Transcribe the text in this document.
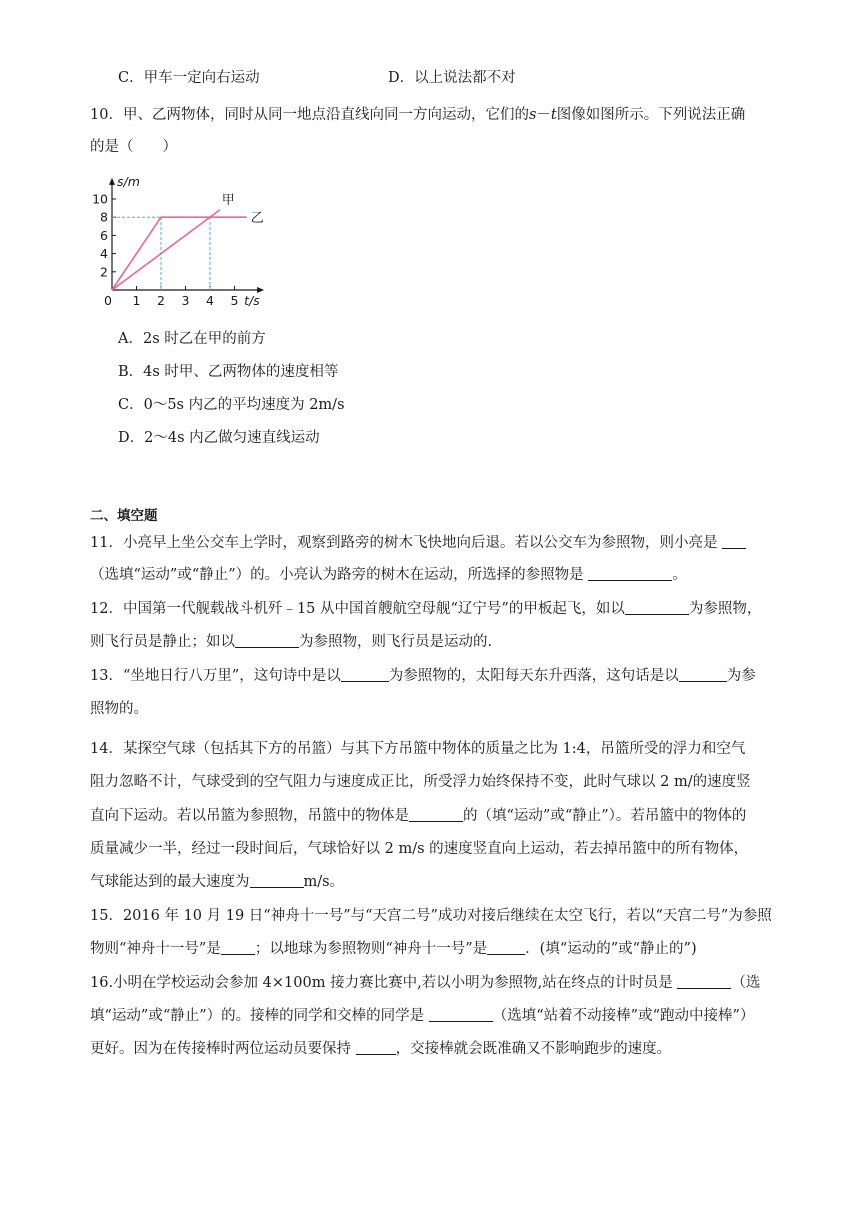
C．甲车一定向右运动	D．以上说法都不对
10．甲、乙两物体，同时从同一地点沿直线向同一方向运动，它们的s－t图像如图所示。下列说法正确
的是（　　）
2
4
6
8
10
0 1 2 3 4 5
s/m
t/s
甲
乙
A．2s 时乙在甲的前方
B．4s 时甲、乙两物体的速度相等
C．0～5s 内乙的平均速度为 2m/s
D．2～4s 内乙做匀速直线运动
二、填空题
11．小亮早上坐公交车上学时，观察到路旁的树木飞快地向后退。若以公交车为参照物，则小亮是
（选填“运动”或“静止”）的。小亮认为路旁的树木在运动，所选择的参照物是	。
12．中国第一代舰载战斗机歼﹣15 从中国首艘航空母舰“辽宁号”的甲板起飞，如以	为参照物，
则飞行员是静止；如以	为参照物，则飞行员是运动的.
13．“坐地日行八万里”，这句诗中是以	为参照物的，太阳每天东升西落，这句话是以	为参
照物的。
14．某探空气球（包括其下方的吊篮）与其下方吊篮中物体的质量之比为 1:4，吊篮所受的浮力和空气
阻力忽略不计，气球受到的空气阻力与速度成正比，所受浮力始终保持不变，此时气球以 2 m/的速度竖
直向下运动。若以吊篮为参照物，吊篮中的物体是	的（填“运动”或“静止”）。若吊篮中的物体的
质量减少一半，经过一段时间后，气球恰好以 2 m/s 的速度竖直向上运动，若去掉吊篮中的所有物体，
气球能达到的最大速度为	m/s。
15．2016 年 10 月 19 日“神舟十一号”与“天宫二号”成功对接后继续在太空飞行，若以“天宫二号”为参照
物则“神舟十一号”是 ；以地球为参照物则“神舟十一号”是	．(填“运动的”或“静止的”)
16.小明在学校运动会参加 4×100m 接力赛比赛中,若以小明为参照物,站在终点的计时员是	（选
填“运动”或“静止”）的。接棒的同学和交棒的同学是	（选填“站着不动接棒”或“跑动中接棒”）
更好。因为在传接棒时两位运动员要保持	，交接棒就会既准确又不影响跑步的速度。
